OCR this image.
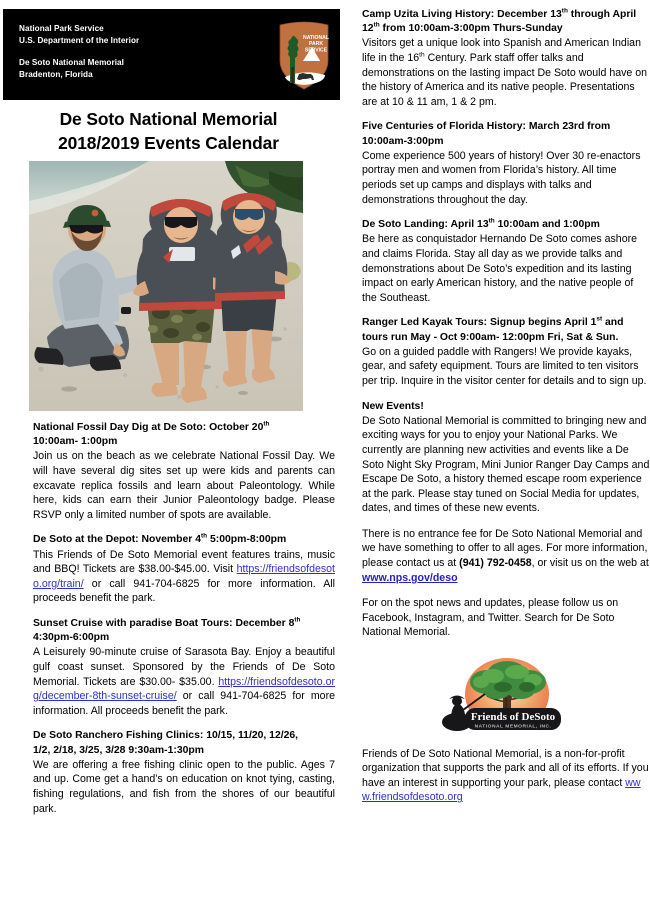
National Park Service
U.S. Department of the Interior
De Soto National Memorial
Bradenton, Florida
NATIONAL
PARK
SERVICE
De Soto National Memorial
2018/2019 Events Calendar
National Fossil Day Dig at De Soto: October 20th
10:00am- 1:00pm

Join us on the beach as we celebrate National Fossil Day. We will have several dig sites set up were kids and parents can excavate replica fossils and learn about Paleontology. While here, kids can earn their Junior Paleontology badge. Please RSVP only a limited number of spots are available.

De Soto at the Depot: November 4th 5:00pm-8:00pm

This Friends of De Soto Memorial event features trains, music and BBQ! Tickets are $38.00-$45.00. Visit https://friendsofdesoto.org/train/ or call 941-704-6825 for more information. All proceeds benefit the park.

Sunset Cruise with paradise Boat Tours: December 8th
4:30pm-6:00pm

A Leisurely 90-minute cruise of Sarasota Bay. Enjoy a beautiful gulf coast sunset. Sponsored by the Friends of De Soto Memorial. Tickets are $30.00- $35.00. https://friendsofdesoto.org/december-8th-sunset-cruise/ or call 941-704-6825 for more information. All proceeds benefit the park.

De Soto Ranchero Fishing Clinics: 10/15, 11/20, 12/26,
1/2, 2/18, 3/25, 3/28 9:30am-1:30pm

We are offering a free fishing clinic open to the public. Ages 7 and up. Come get a hand’s on education on knot tying, casting, fishing regulations, and fish from the shores of our beautiful park.

Camp Uzita Living History: December 13th through April 12th from 10:00am-3:00pm Thurs-Sunday

Visitors get a unique look into Spanish and American Indian life in the 16th Century. Park staff offer talks and demonstrations on the lasting impact De Soto would have on the history of America and its native people. Presentations are at 10 & 11 am, 1 & 2 pm.

Five Centuries of Florida History: March 23rd from 10:00am-3:00pm

Come experience 500 years of history! Over 30 re-enactors portray men and women from Florida’s history. All time periods set up camps and displays with talks and demonstrations throughout the day.

De Soto Landing: April 13th 10:00am and 1:00pm

Be here as conquistador Hernando De Soto comes ashore and claims Florida. Stay all day as we provide talks and demonstrations about De Soto’s expedition and its lasting impact on early American history, and the native people of the Southeast.

Ranger Led Kayak Tours: Signup begins April 1st and tours run May - Oct 9:00am- 12:00pm Fri, Sat & Sun.

Go on a guided paddle with Rangers! We provide kayaks, gear, and safety equipment. Tours are limited to ten visitors per trip. Inquire in the visitor center for details and to sign up.

New Events!

De Soto National Memorial is committed to bringing new and exciting ways for you to enjoy your National Parks. We currently are planning new activities and events like a De Soto Night Sky Program, Mini Junior Ranger Day Camps and Escape De Soto, a history themed escape room experience at the park. Please stay tuned on Social Media for updates, dates, and times of these new events.

There is no entrance fee for De Soto National Memorial and we have something to offer to all ages. For more information, please contact us at (941) 792-0458, or visit us on the web at www.nps.gov/deso

For on the spot news and updates, please follow us on Facebook, Instagram, and Twitter. Search for De Soto National Memorial.

Friends of DeSoto
NATIONAL MEMORIAL, INC.

Friends of De Soto National Memorial, is a non-for-profit organization that supports the park and all of its efforts. If you have an interest in supporting your park, please contact www.friendsofdesoto.org
